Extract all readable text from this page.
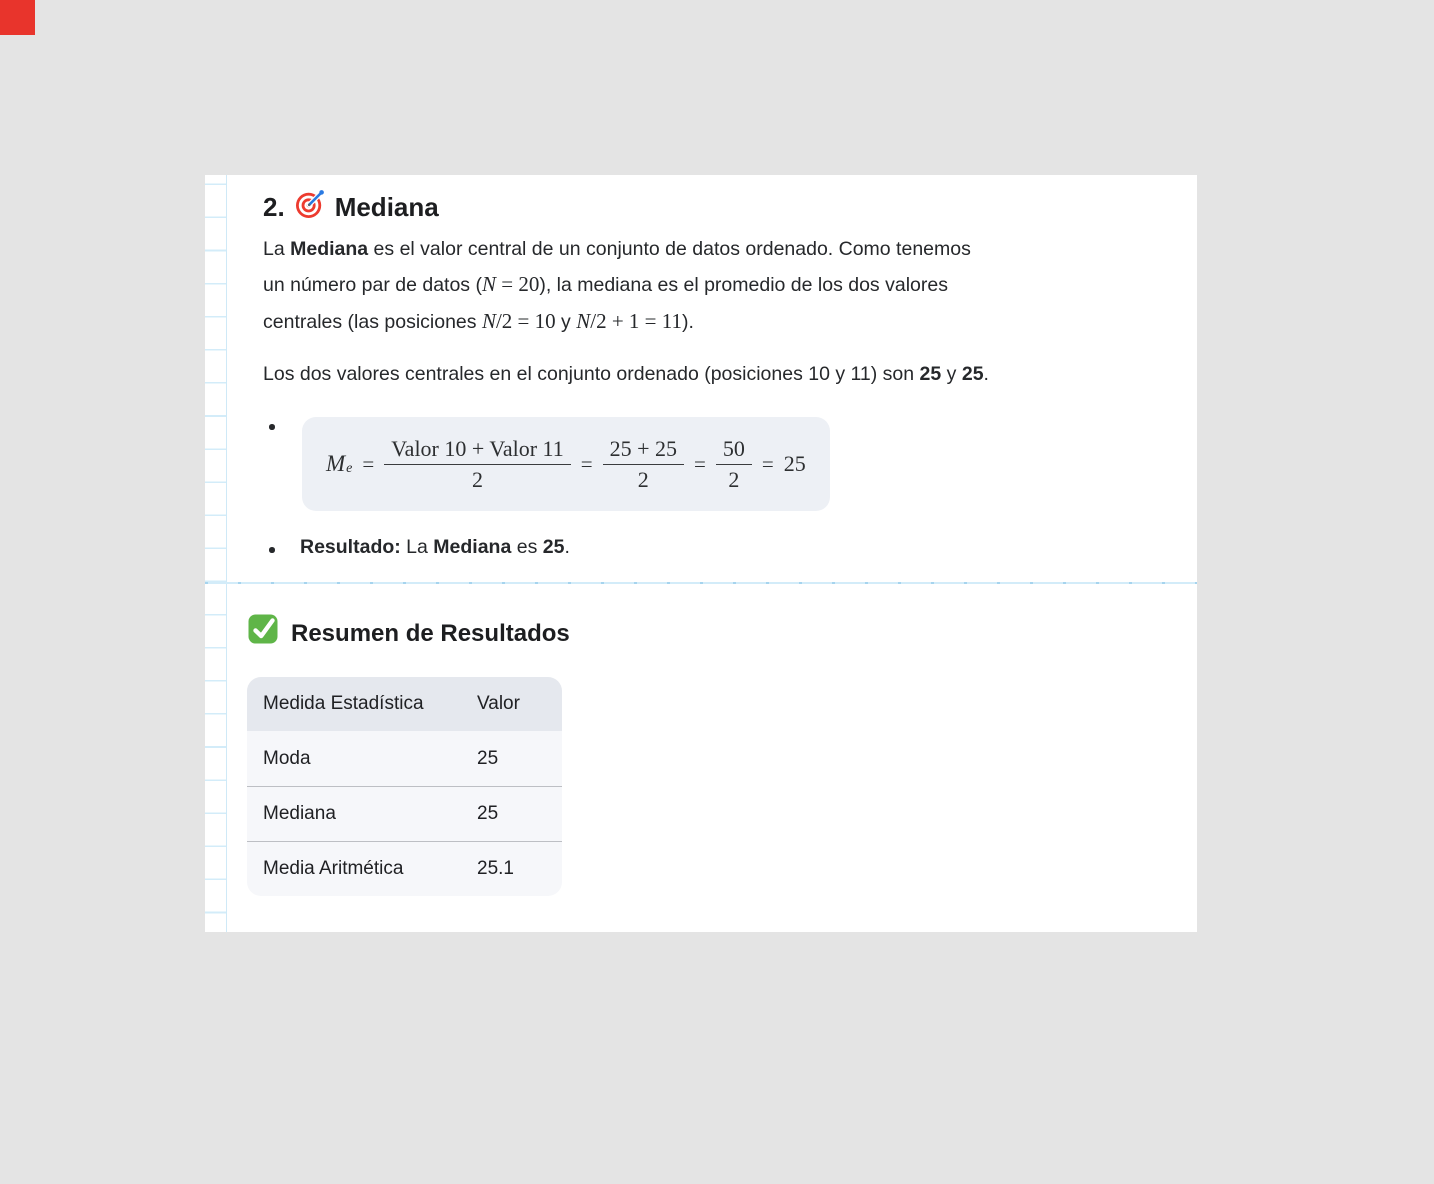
2. Mediana
La Mediana es el valor central de un conjunto de datos ordenado. Como tenemos
un número par de datos (N = 20), la mediana es el promedio de los dos valores
centrales (las posiciones N/2 = 10 y N/2 + 1 = 11).
Los dos valores centrales en el conjunto ordenado (posiciones 10 y 11) son 25 y 25.
M $e = \frac{\text{Valor 10 + Valor 11}}{2} = \frac{25 + 25}{2} = \frac{50}{2} = 25$
Resultado: La Mediana es 25.
Resumen de Resultados
Medida Estadística	Valor
Moda	25
Mediana	25
Media Aritmética	25.1
